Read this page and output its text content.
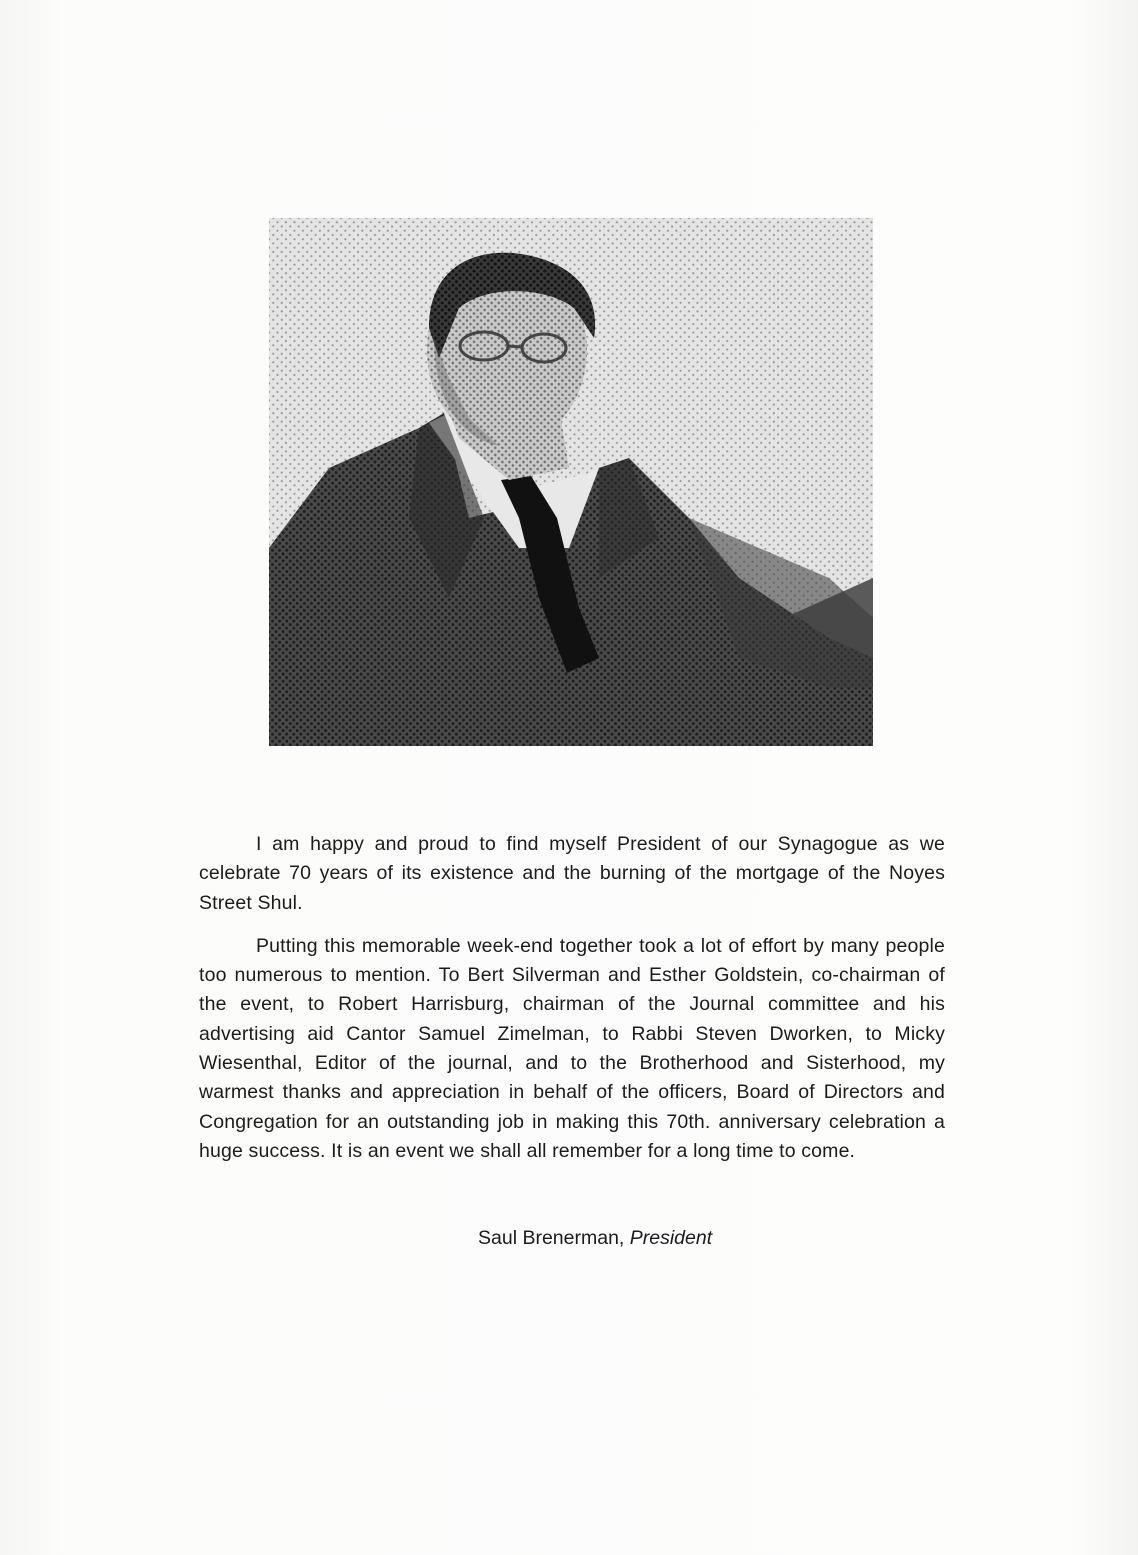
I am happy and proud to find myself President of our Synagogue as we celebrate 70 years of its existence and the burning of the mortgage of the Noyes Street Shul.

Putting this memorable week-end together took a lot of effort by many people too numerous to mention. To Bert Silverman and Esther Goldstein, co-chairman of the event, to Robert Harrisburg, chairman of the Journal committee and his advertising aid Cantor Samuel Zimelman, to Rabbi Steven Dworken, to Micky Wiesenthal, Editor of the journal, and to the Brotherhood and Sisterhood, my warmest thanks and appreciation in behalf of the officers, Board of Directors and Congregation for an outstanding job in making this 70th. anniversary celebration a huge success. It is an event we shall all remember for a long time to come.

Saul Brenerman, President
